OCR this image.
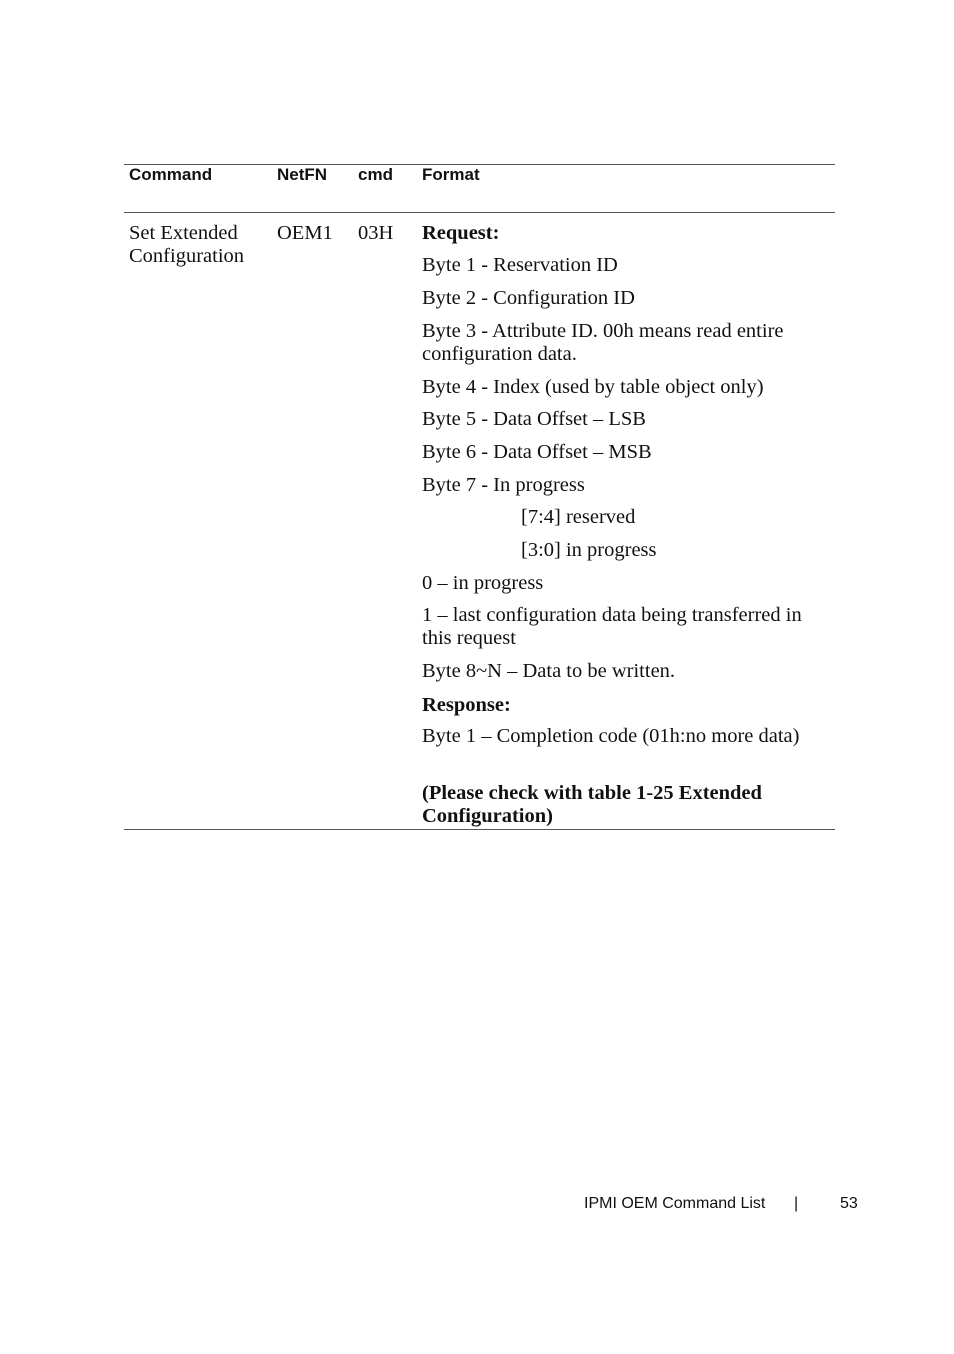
Command	NetFN cmd Format
Set Extended Configuration
OEM1 03H Request:
Byte 1 - Reservation ID
Byte 2 - Configuration ID
Byte 3 - Attribute ID. 00h means read entire configuration data.
Byte 4 - Index (used by table object only)
Byte 5 - Data Offset – LSB
Byte 6 - Data Offset – MSB
Byte 7 - In progress
[7:4] reserved
[3:0] in progress
0 – in progress
1 – last configuration data being transferred in this request
Byte 8~N – Data to be written.
Response:
Byte 1 – Completion code (01h:no more data)
(Please check with table 1-25 Extended Configuration)
IPMI OEM Command List |	53
